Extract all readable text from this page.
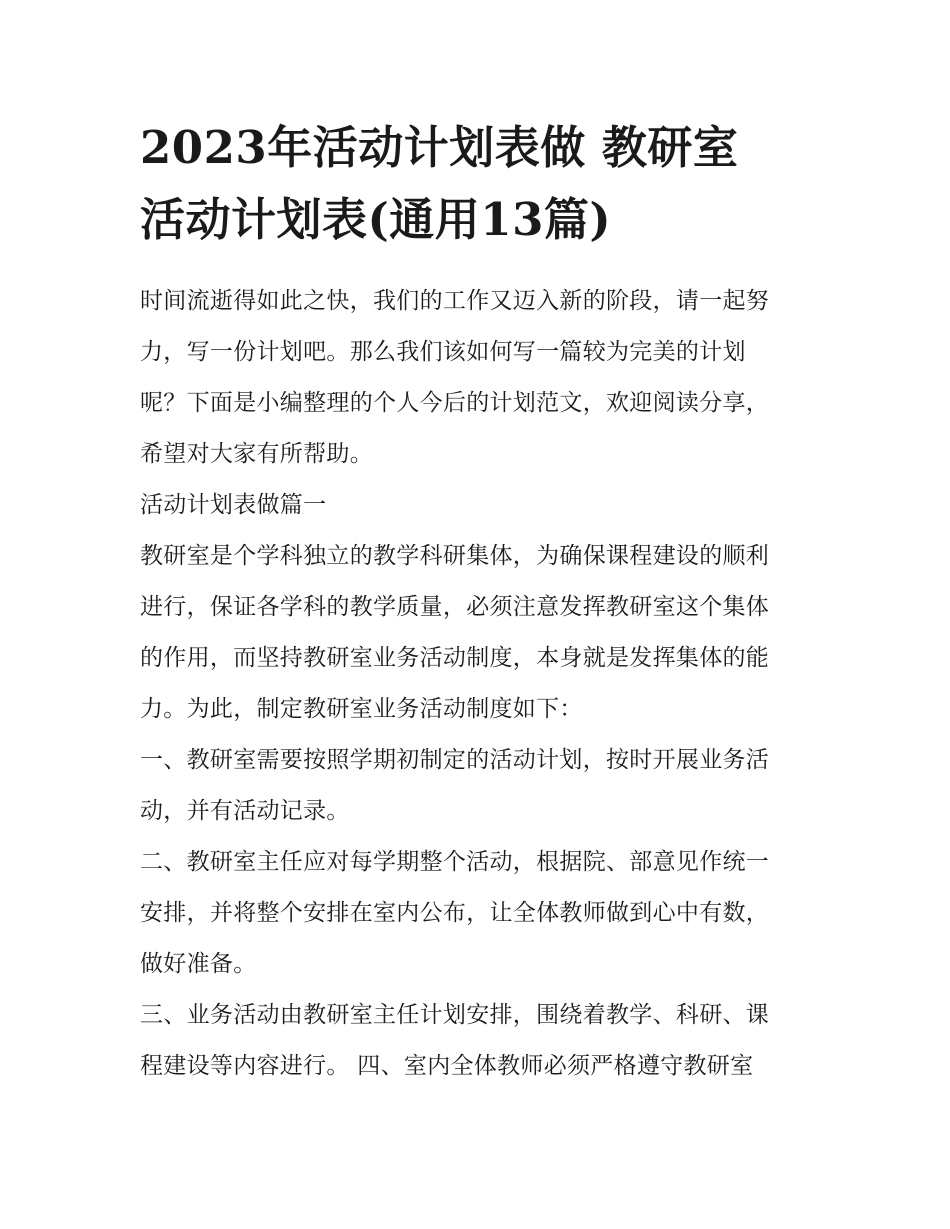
2023年活动计划表做 教研室
活动计划表(通用13篇)
时间流逝得如此之快，我们的工作又迈入新的阶段，请一起努
力，写一份计划吧。那么我们该如何写一篇较为完美的计划
呢？下面是小编整理的个人今后的计划范文，欢迎阅读分享，
希望对大家有所帮助。
活动计划表做篇一
教研室是个学科独立的教学科研集体，为确保课程建设的顺利
进行，保证各学科的教学质量，必须注意发挥教研室这个集体
的作用，而坚持教研室业务活动制度，本身就是发挥集体的能
力。为此，制定教研室业务活动制度如下：
一、教研室需要按照学期初制定的活动计划，按时开展业务活
动，并有活动记录。
二、教研室主任应对每学期整个活动，根据院、部意见作统一
安排，并将整个安排在室内公布，让全体教师做到心中有数，
做好准备。
三、业务活动由教研室主任计划安排，围绕着教学、科研、课
程建设等内容进行。 四、室内全体教师必须严格遵守教研室
